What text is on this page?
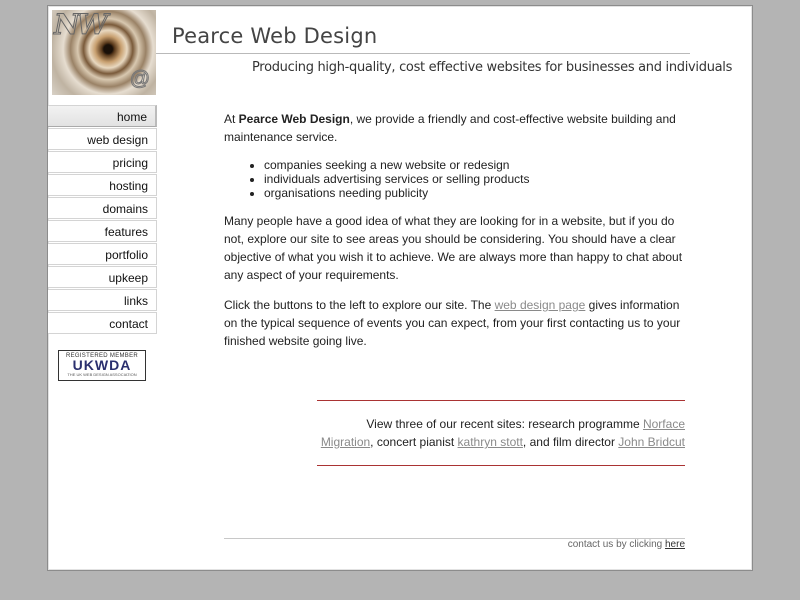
NW
@
Pearce Web Design
Producing high-quality, cost effective websites for businesses and individuals
home
web design
pricing
hosting
domains
features
portfolio
upkeep
links
contact
REGISTERED MEMBER
UKWDA
THE UK WEB DESIGN ASSOCIATION

At Pearce Web Design, we provide a friendly and cost-effective website building and maintenance service.

• companies seeking a new website or redesign
• individuals advertising services or selling products
• organisations needing publicity

Many people have a good idea of what they are looking for in a website, but if you do not, explore our site to see areas you should be considering. You should have a clear objective of what you wish it to achieve. We are always more than happy to chat about any aspect of your requirements.

Click the buttons to the left to explore our site. The web design page gives information on the typical sequence of events you can expect, from your first contacting us to your finished website going live.

View three of our recent sites: research programme Norface Migration, concert pianist kathryn stott, and film director John Bridcut
contact us by clicking here
